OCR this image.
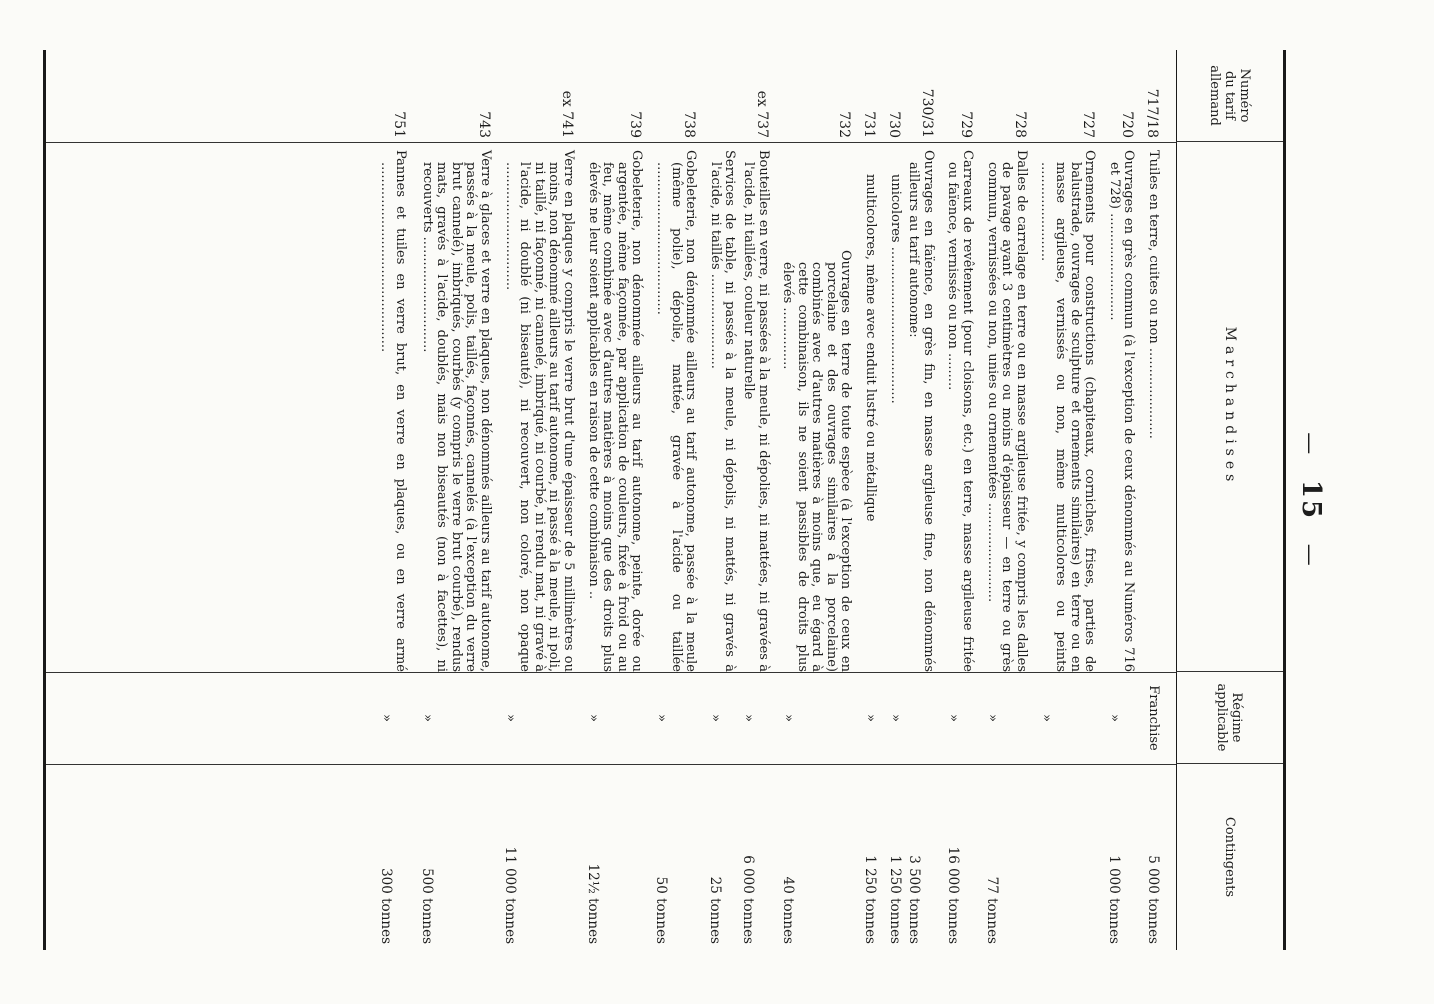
— 15 —
Numéro
du tarif
allemand
Marchandises
Régime
applicable
Contingents
717/18
Tuiles en terre, cuites ou non ......................
Franchise
5 000 tonnes
720
Ouvrages en grès commun (à l'exception de ceux dénommés au Numéros 716 et 728) ..........................
»
1 000 tonnes
727
Ornements pour constructions (chapiteaux, corniches, frises, parties de balustrade, ouvrages de sculpture et ornements similaires) en terre ou en masse argileuse, vernissés ou non, même multicolores ou peints ........................
»
728
Dalles de carrelage en terre ou en masse argileuse fritée, y compris les dalles de pavage ayant 3 centimètres ou moins d'épaisseur — en terre ou grès commun, vernissées ou non, unies ou ornementées ........................
»
77 tonnes
729
Carreaux de revêtement (pour cloisons, etc.) en terre, masse argileuse fritée ou faïence, vernissés ou non .........
»
16 000 tonnes
730/31
Ouvrages en faïence, en grès fin, en masse argileuse fine, non dénommés ailleurs au tarif autonome:
3 500 tonnes
730
unicolores ......................................
»
1 250 tonnes
731
multicolores, même avec enduit lustré ou métallique
»
1 250 tonnes
732
Ouvrages en terre de toute espèce (à l'exception de ceux en porcelaine et des ouvrages similaires à la porcelaine) combinés avec d'autres matières à moins que, eu égard à cette combinaison, ils ne soient passibles de droits plus élevés ...............
»
40 tonnes
ex 737
Bouteilles en verre, ni passées à la meule, ni dépolies, ni mattées, ni gravées à l'acide, ni taillées, couleur naturelle
»
6 000 tonnes
Services de table, ni passés à la meule, ni dépolis, ni mattés, ni gravés à l'acide, ni taillés .......................
»
25 tonnes
738
Gobeleterie, non dénommée ailleurs au tarif autonome, passée à la meule (même polie), dépolie, mattée, gravée à l'acide ou taillée .....................................
»
50 tonnes
739
Gobeleterie, non dénommée ailleurs au tarif autonome, peinte, dorée ou argentée, même façonnée, par application de couleurs, fixée à froid ou au feu, même combinée avec d'autres matières à moins que des droits plus élevés ne leur soient applicables en raison de cette combinaison ..
»
12½ tonnes
ex 741
Verre en plaques y compris le verre brut d'une épaisseur de 5 millimètres ou moins, non dénommé ailleurs au tarif autonome, ni passé à la meule, ni poli, ni taillé, ni façonné, ni cannelé, imbriqué, ni courbé, ni rendu mat, ni gravé à l'acide, ni doublé (ni biseauté), ni recouvert, non coloré, non opaque ...............................
»
11 000 tonnes
743
Verre à glaces et verre en plaques, non dénommés ailleurs au tarif autonome, passés à la meule, polis, taillés, façonnés, cannelés (à l'exception du verre brut cannelé), imbriqués, courbés (y compris le verre brut courbé), rendus mats, gravés à l'acide, doublés, mais non biseautés (non à facettes), ni recouverts ............................
»
500 tonnes
751
Pannes et tuiles en verre brut, en verre en plaques, ou en verre armé ..............................................
»
300 tonnes
